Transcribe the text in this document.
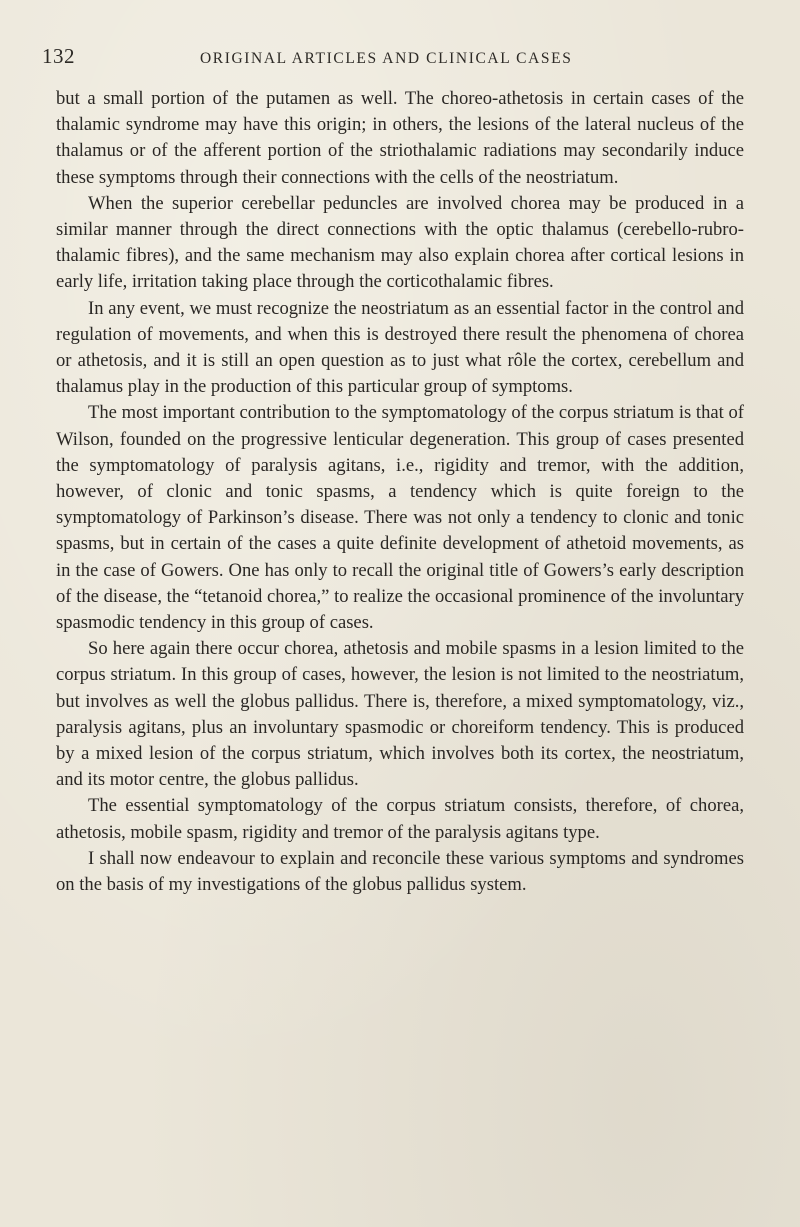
132	ORIGINAL ARTICLES AND CLINICAL CASES

but a small portion of the putamen as well. The choreo-athetosis in certain cases of the thalamic syndrome may have this origin; in others, the lesions of the lateral nucleus of the thalamus or of the afferent portion of the striothalamic radiations may secondarily induce these symptoms through their connections with the cells of the neostriatum.

When the superior cerebellar peduncles are involved chorea may be produced in a similar manner through the direct connections with the optic thalamus (cerebello-rubro-thalamic fibres), and the same mechanism may also explain chorea after cortical lesions in early life, irritation taking place through the corticothalamic fibres.

In any event, we must recognize the neostriatum as an essential factor in the control and regulation of movements, and when this is destroyed there result the phenomena of chorea or athetosis, and it is still an open question as to just what rôle the cortex, cerebellum and thalamus play in the production of this particular group of symptoms.

The most important contribution to the symptomatology of the corpus striatum is that of Wilson, founded on the progressive lenticular degeneration. This group of cases presented the symptomatology of paralysis agitans, i.e., rigidity and tremor, with the addition, however, of clonic and tonic spasms, a tendency which is quite foreign to the symptomatology of Parkinson’s disease. There was not only a tendency to clonic and tonic spasms, but in certain of the cases a quite definite development of athetoid movements, as in the case of Gowers. One has only to recall the original title of Gowers’s early description of the disease, the “tetanoid chorea,” to realize the occasional prominence of the involuntary spasmodic tendency in this group of cases.

So here again there occur chorea, athetosis and mobile spasms in a lesion limited to the corpus striatum. In this group of cases, however, the lesion is not limited to the neostriatum, but involves as well the globus pallidus. There is, therefore, a mixed symptomatology, viz., paralysis agitans, plus an involuntary spasmodic or choreiform tendency. This is produced by a mixed lesion of the corpus striatum, which involves both its cortex, the neostriatum, and its motor centre, the globus pallidus.

The essential symptomatology of the corpus striatum consists, therefore, of chorea, athetosis, mobile spasm, rigidity and tremor of the paralysis agitans type.

I shall now endeavour to explain and reconcile these various symptoms and syndromes on the basis of my investigations of the globus pallidus system.
